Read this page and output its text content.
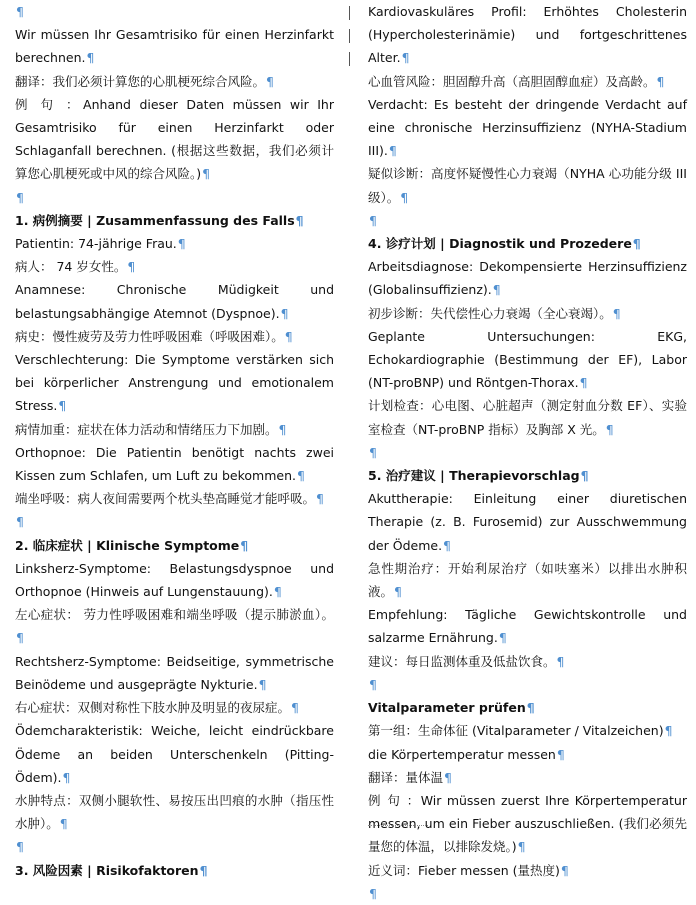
¶
Wir müssen Ihr Gesamtrisiko für einen Herzinfarkt berechnen.¶
翻译：我们必须计算您的心肌梗死综合风险。¶
例 句 ：Anhand dieser Daten müssen wir Ihr Gesamtrisiko für einen Herzinfarkt oder Schlaganfall berechnen. (根据这些数据，我们必须计算您心肌梗死或中风的综合风险。)¶
¶
1. 病例摘要 | Zusammenfassung des Falls¶
Patientin: 74-jährige Frau.¶
病人： 74 岁女性。¶
Anamnese: Chronische Müdigkeit und belastungsabhängige Atemnot (Dyspnoe).¶
病史：慢性疲劳及劳力性呼吸困难（呼吸困难）。¶
Verschlechterung: Die Symptome verstärken sich bei körperlicher Anstrengung und emotionalem Stress.¶
病情加重：症状在体力活动和情绪压力下加剧。¶
Orthopnoe: Die Patientin benötigt nachts zwei Kissen zum Schlafen, um Luft zu bekommen.¶
端坐呼吸：病人夜间需要两个枕头垫高睡觉才能呼吸。¶
¶
2. 临床症状 | Klinische Symptome¶
Linksherz-Symptome: Belastungsdyspnoe und Orthopnoe (Hinweis auf Lungenstauung).¶
左心症状： 劳力性呼吸困难和端坐呼吸（提示肺淤血）。¶
Rechtsherz-Symptome: Beidseitige, symmetrische Beinödeme und ausgeprägte Nykturie.¶
右心症状：双侧对称性下肢水肿及明显的夜尿症。¶
Ödemcharakteristik: Weiche, leicht eindrückbare Ödeme an beiden Unterschenkeln (Pitting-Ödem).¶
水肿特点：双侧小腿软性、易按压出凹痕的水肿（指压性水肿）。¶
¶
3. 风险因素 | Risikofaktoren¶
Kardiovaskuläres Profil: Erhöhtes Cholesterin (Hypercholesterinämie) und fortgeschrittenes Alter.¶
心血管风险：胆固醇升高（高胆固醇血症）及高龄。¶
Verdacht: Es besteht der dringende Verdacht auf eine chronische Herzinsuffizienz (NYHA-Stadium III).¶
疑似诊断：高度怀疑慢性心力衰竭（NYHA 心功能分级 III 级）。¶
¶
4. 诊疗计划 | Diagnostik und Prozedere¶
Arbeitsdiagnose: Dekompensierte Herzinsuffizienz (Globalinsuffizienz).¶
初步诊断：失代偿性心力衰竭（全心衰竭）。¶
Geplante Untersuchungen: EKG, Echokardiographie (Bestimmung der EF), Labor (NT-proBNP) und Röntgen-Thorax.¶
计划检查：心电图、心脏超声（测定射血分数 EF）、实验室检查（NT-proBNP 指标）及胸部 X 光。¶
¶
5. 治疗建议 | Therapievorschlag¶
Akuttherapie: Einleitung einer diuretischen Therapie (z. B. Furosemid) zur Ausschwemmung der Ödeme.¶
急性期治疗：开始利尿治疗（如呋塞米）以排出水肿积液。¶
Empfehlung: Tägliche Gewichtskontrolle und salzarme Ernährung.¶
建议：每日监测体重及低盐饮食。¶
¶
Vitalparameter prüfen¶
第一组：生命体征 (Vitalparameter / Vitalzeichen)¶
die Körpertemperatur messen¶
翻译：量体温¶
例 句 ：Wir müssen zuerst Ihre Körpertemperatur messen, um ein Fieber auszuschließen. (我们必须先量您的体温，以排除发烧。)¶
近义词：Fieber messen (量热度)¶
¶
